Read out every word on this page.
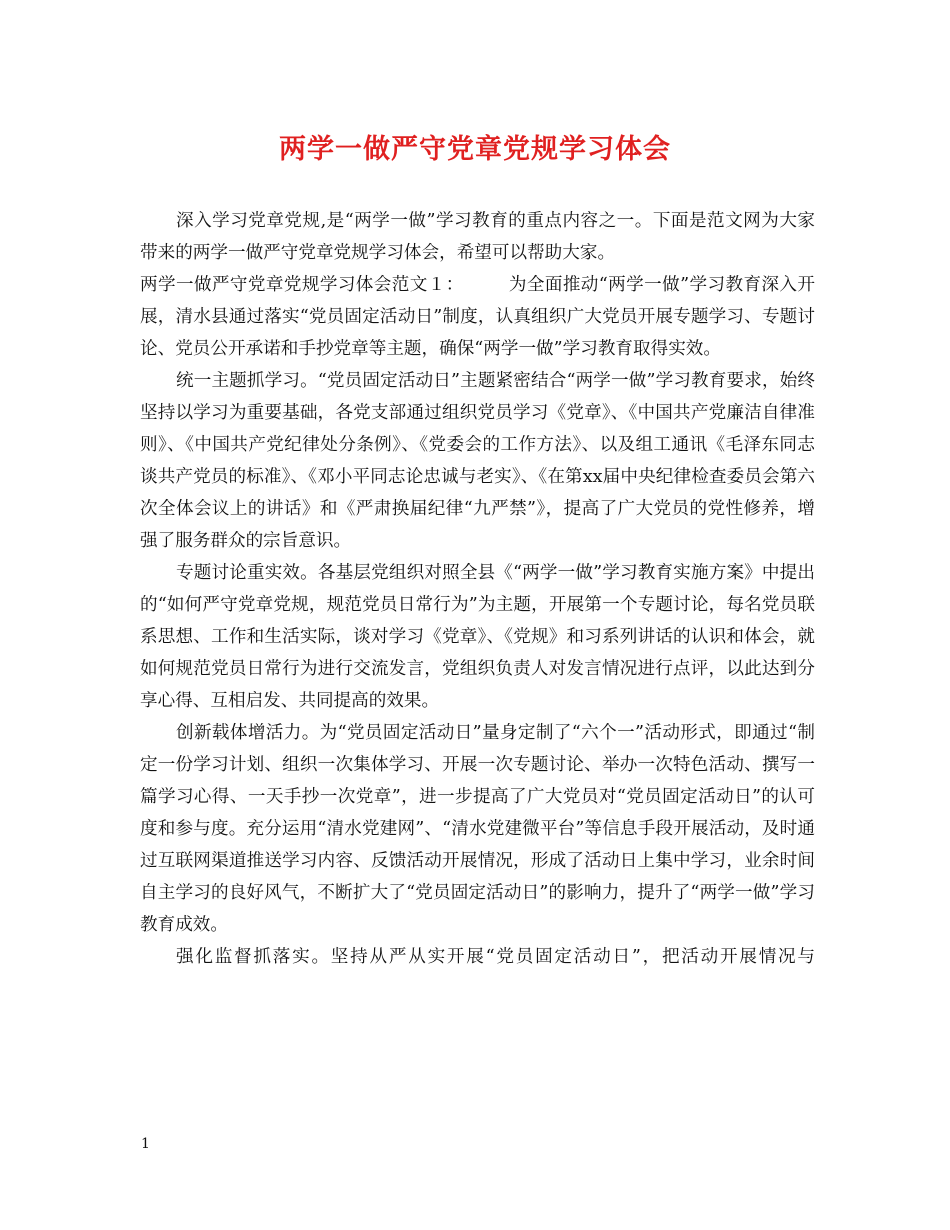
两学一做严守党章党规学习体会

深入学习党章党规,是“两学一做”学习教育的重点内容之一。下面是范文网为大家带来的两学一做严守党章党规学习体会，希望可以帮助大家。

两学一做严守党章党规学习体会范文１：　　　为全面推动“两学一做”学习教育深入开展，清水县通过落实“党员固定活动日”制度，认真组织广大党员开展专题学习、专题讨论、党员公开承诺和手抄党章等主题，确保“两学一做”学习教育取得实效。

统一主题抓学习。“党员固定活动日”主题紧密结合“两学一做”学习教育要求，始终坚持以学习为重要基础，各党支部通过组织党员学习《党章》、《中国共产党廉洁自律准则》、《中国共产党纪律处分条例》、《党委会的工作方法》、以及组工通讯《毛泽东同志谈共产党员的标准》、《邓小平同志论忠诚与老实》、《在第xx届中央纪律检查委员会第六次全体会议上的讲话》和《严肃换届纪律“九严禁”》，提高了广大党员的党性修养，增强了服务群众的宗旨意识。

专题讨论重实效。各基层党组织对照全县《“两学一做”学习教育实施方案》中提出的“如何严守党章党规，规范党员日常行为”为主题，开展第一个专题讨论，每名党员联系思想、工作和生活实际，谈对学习《党章》、《党规》和习系列讲话的认识和体会，就如何规范党员日常行为进行交流发言，党组织负责人对发言情况进行点评，以此达到分享心得、互相启发、共同提高的效果。

创新载体增活力。为“党员固定活动日”量身定制了“六个一”活动形式，即通过“制定一份学习计划、组织一次集体学习、开展一次专题讨论、举办一次特色活动、撰写一篇学习心得、一天手抄一次党章”，进一步提高了广大党员对“党员固定活动日”的认可度和参与度。充分运用“清水党建网”、“清水党建微平台”等信息手段开展活动，及时通过互联网渠道推送学习内容、反馈活动开展情况，形成了活动日上集中学习，业余时间自主学习的良好风气，不断扩大了“党员固定活动日”的影响力，提升了“两学一做”学习教育成效。

强化监督抓落实。坚持从严从实开展“党员固定活动日”，把活动开展情况与

1
